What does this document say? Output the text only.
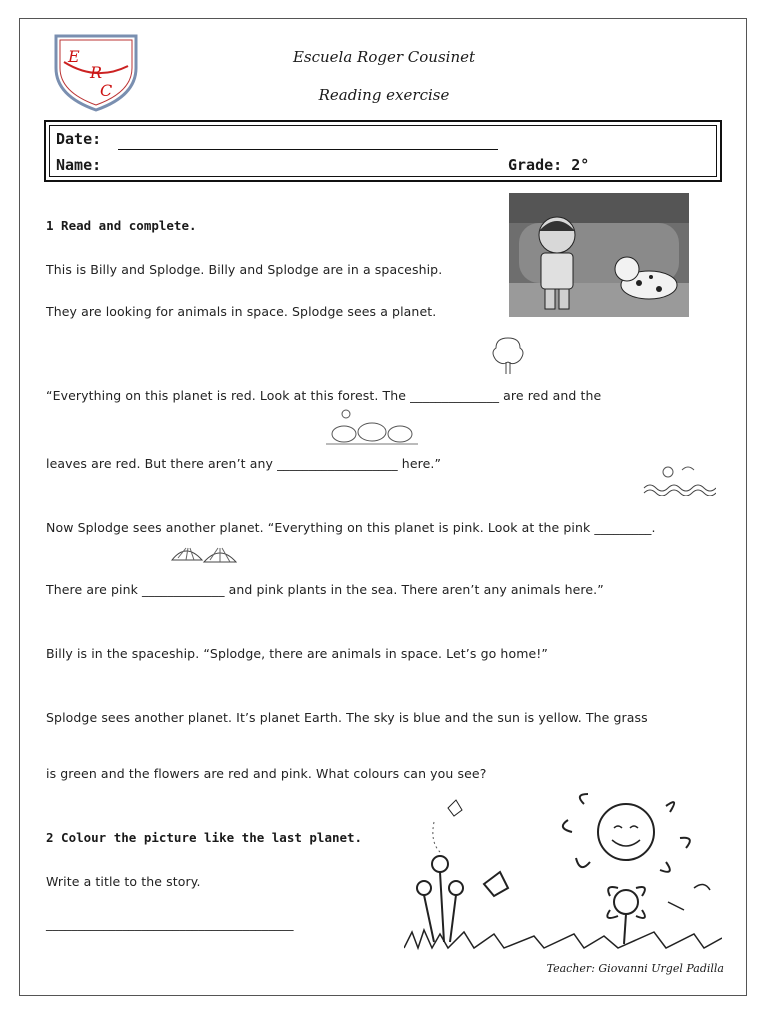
E
R
C
Escuela Roger Cousinet
Reading exercise
Date:
Name:	Grade: 2°
1 Read and complete.
This is Billy and Splodge. Billy and Splodge are in a spaceship.
They are looking for animals in space. Splodge sees a planet.
“Everything on this planet is red. Look at this forest. The ______________ are red and the
leaves are red. But there aren’t any ___________________ here.”
Now Splodge sees another planet. “Everything on this planet is pink. Look at the pink _________.
There are pink _____________ and pink plants in the sea. There aren’t any animals here.”
Billy is in the spaceship. “Splodge, there are animals in space. Let’s go home!”
Splodge sees another planet. It’s planet Earth. The sky is blue and the sun is yellow. The grass
is green and the flowers are red and pink. What colours can you see?
2 Colour the picture like the last planet.
Write a title to the story.
_______________________________________
Teacher: Giovanni Urgel Padilla
